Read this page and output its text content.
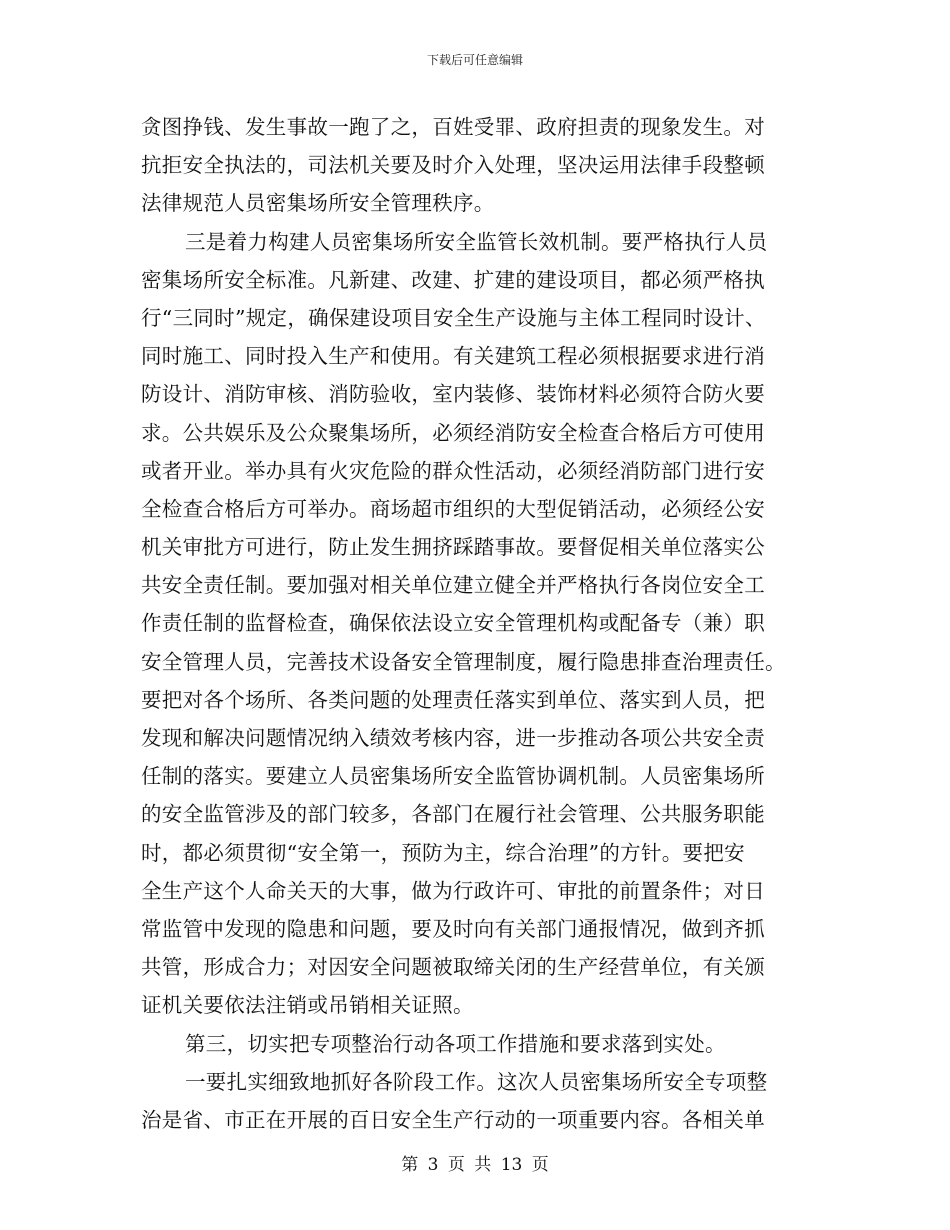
下载后可任意编辑
贪图挣钱、发生事故一跑了之，百姓受罪、政府担责的现象发生。对
抗拒安全执法的，司法机关要及时介入处理，坚决运用法律手段整顿
法律规范人员密集场所安全管理秩序。
三是着力构建人员密集场所安全监管长效机制。要严格执行人员
密集场所安全标准。凡新建、改建、扩建的建设项目，都必须严格执
行“三同时”规定，确保建设项目安全生产设施与主体工程同时设计、
同时施工、同时投入生产和使用。有关建筑工程必须根据要求进行消
防设计、消防审核、消防验收，室内装修、装饰材料必须符合防火要
求。公共娱乐及公众聚集场所，必须经消防安全检查合格后方可使用
或者开业。举办具有火灾危险的群众性活动，必须经消防部门进行安
全检查合格后方可举办。商场超市组织的大型促销活动，必须经公安
机关审批方可进行，防止发生拥挤踩踏事故。要督促相关单位落实公
共安全责任制。要加强对相关单位建立健全并严格执行各岗位安全工
作责任制的监督检查，确保依法设立安全管理机构或配备专（兼）职
安全管理人员，完善技术设备安全管理制度，履行隐患排查治理责任。
要把对各个场所、各类问题的处理责任落实到单位、落实到人员，把
发现和解决问题情况纳入绩效考核内容，进一步推动各项公共安全责
任制的落实。要建立人员密集场所安全监管协调机制。人员密集场所
的安全监管涉及的部门较多，各部门在履行社会管理、公共服务职能
时，都必须贯彻“安全第一，预防为主，综合治理”的方针。要把安
全生产这个人命关天的大事，做为行政许可、审批的前置条件；对日
常监管中发现的隐患和问题，要及时向有关部门通报情况，做到齐抓
共管，形成合力；对因安全问题被取缔关闭的生产经营单位，有关颁
证机关要依法注销或吊销相关证照。
第三，切实把专项整治行动各项工作措施和要求落到实处。
一要扎实细致地抓好各阶段工作。这次人员密集场所安全专项整
治是省、市正在开展的百日安全生产行动的一项重要内容。各相关单
第 3 页 共 13 页
